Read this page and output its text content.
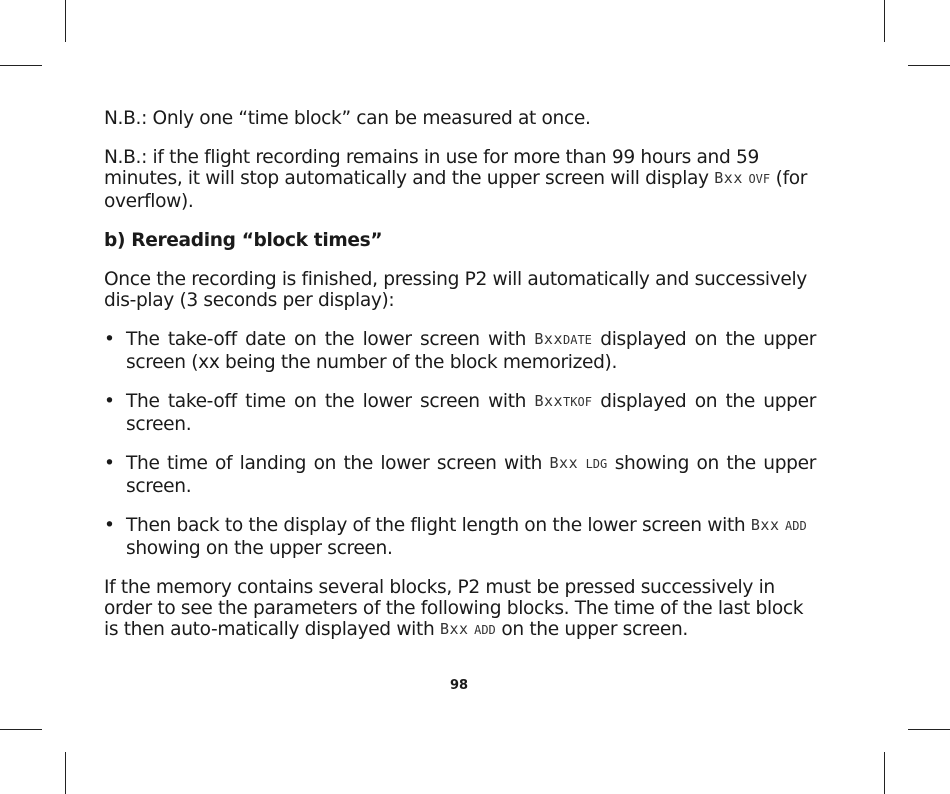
N.B.: Only one “time block” can be measured at once.

N.B.: if the flight recording remains in use for more than 99 hours and 59 minutes, it will stop automatically and the upper screen will display Bxx OVF (for overflow).

b) Rereading “block times”

Once the recording is finished, pressing P2 will automatically and successively dis-play (3 seconds per display):

• The take-off date on the lower screen with BxxDATE displayed on the upper screen (xx being the number of the block memorized).
• The take-off time on the lower screen with BxxTKOF displayed on the upper screen.
• The time of landing on the lower screen with Bxx LDG showing on the upper screen.
• Then back to the display of the flight length on the lower screen with Bxx ADD showing on the upper screen.

If the memory contains several blocks, P2 must be pressed successively in order to see the parameters of the following blocks. The time of the last block is then auto-matically displayed with Bxx ADD on the upper screen.

98
